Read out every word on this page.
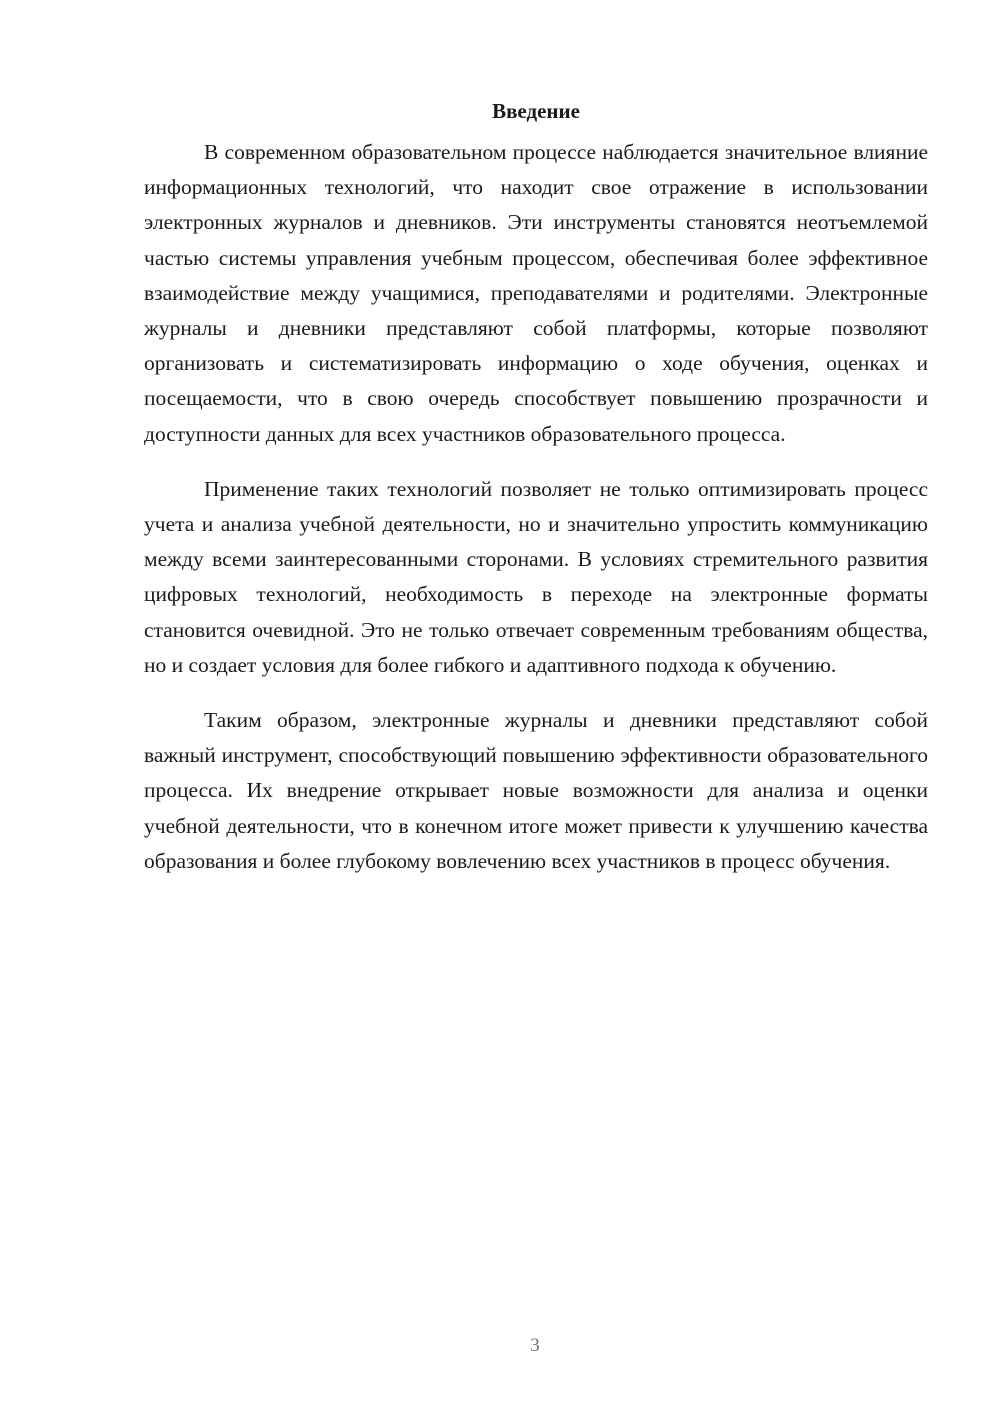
Введение

В современном образовательном процессе наблюдается значительное влияние информационных технологий, что находит свое отражение в использовании электронных журналов и дневников. Эти инструменты становятся неотъемлемой частью системы управления учебным процессом, обеспечивая более эффективное взаимодействие между учащимися, преподавателями и родителями. Электронные журналы и дневники представляют собой платформы, которые позволяют организовать и систематизировать информацию о ходе обучения, оценках и посещаемости, что в свою очередь способствует повышению прозрачности и доступности данных для всех участников образовательного процесса.

Применение таких технологий позволяет не только оптимизировать процесс учета и анализа учебной деятельности, но и значительно упростить коммуникацию между всеми заинтересованными сторонами. В условиях стремительного развития цифровых технологий, необходимость в переходе на электронные форматы становится очевидной. Это не только отвечает современным требованиям общества, но и создает условия для более гибкого и адаптивного подхода к обучению.

Таким образом, электронные журналы и дневники представляют собой важный инструмент, способствующий повышению эффективности образовательного процесса. Их внедрение открывает новые возможности для анализа и оценки учебной деятельности, что в конечном итоге может привести к улучшению качества образования и более глубокому вовлечению всех участников в процесс обучения.

3
